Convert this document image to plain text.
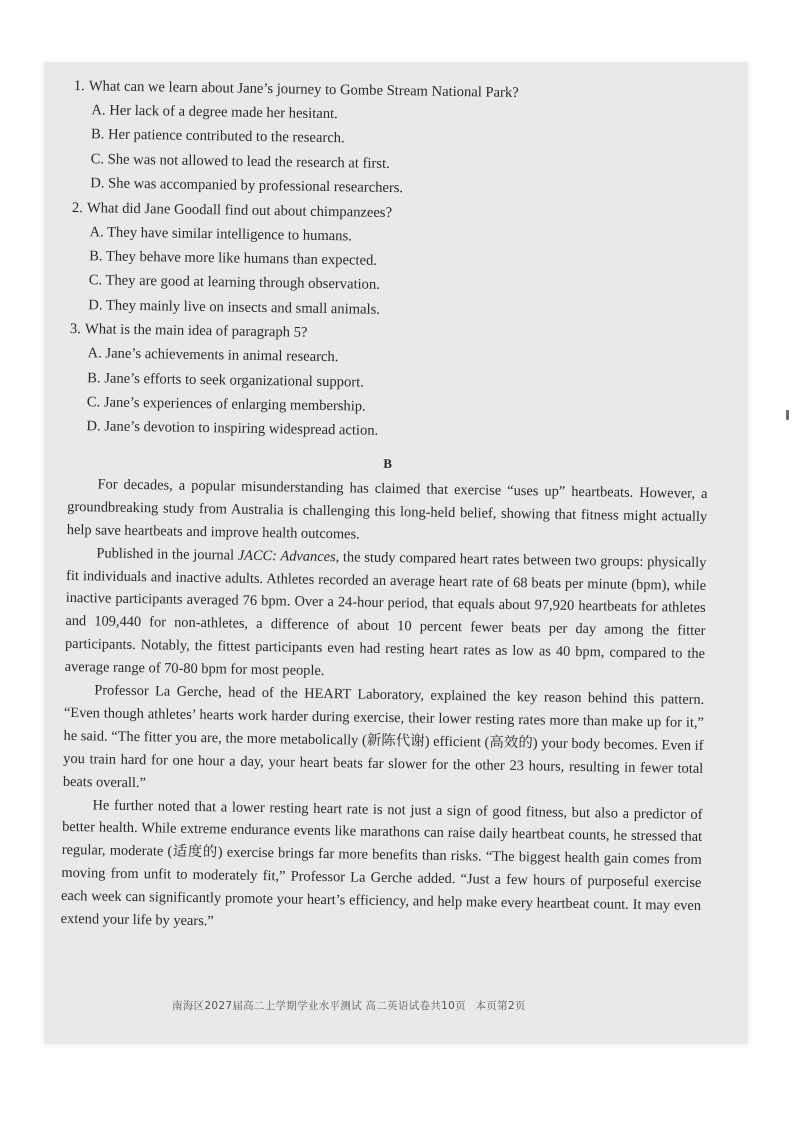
1. What can we learn about Jane’s journey to Gombe Stream National Park?

A. Her lack of a degree made her hesitant.

B. Her patience contributed to the research.

C. She was not allowed to lead the research at first.

D. She was accompanied by professional researchers.

2. What did Jane Goodall find out about chimpanzees?

A. They have similar intelligence to humans.

B. They behave more like humans than expected.

C. They are good at learning through observation.

D. They mainly live on insects and small animals.

3. What is the main idea of paragraph 5?

A. Jane’s achievements in animal research.

B. Jane’s efforts to seek organizational support.

C. Jane’s experiences of enlarging membership.

D. Jane’s devotion to inspiring widespread action.

B

For decades, a popular misunderstanding has claimed that exercise “uses up” heartbeats. However, a groundbreaking study from Australia is challenging this long-held belief, showing that fitness might actually help save heartbeats and improve health outcomes.

Published in the journal JACC: Advances, the study compared heart rates between two groups: physically fit individuals and inactive adults. Athletes recorded an average heart rate of 68 beats per minute (bpm), while inactive participants averaged 76 bpm. Over a 24-hour period, that equals about 97,920 heartbeats for athletes and 109,440 for non-athletes, a difference of about 10 percent fewer beats per day among the fitter participants. Notably, the fittest participants even had resting heart rates as low as 40 bpm, compared to the average range of 70-80 bpm for most people.

Professor La Gerche, head of the HEART Laboratory, explained the key reason behind this pattern. “Even though athletes’ hearts work harder during exercise, their lower resting rates more than make up for it,” he said. “The fitter you are, the more metabolically (新陈代谢) efficient (高效的) your body becomes. Even if you train hard for one hour a day, your heart beats far slower for the other 23 hours, resulting in fewer total beats overall.”

He further noted that a lower resting heart rate is not just a sign of good fitness, but also a predictor of better health. While extreme endurance events like marathons can raise daily heartbeat counts, he stressed that regular, moderate (适度的) exercise brings far more benefits than risks. “The biggest health gain comes from moving from unfit to moderately fit,” Professor La Gerche added. “Just a few hours of purposeful exercise each week can significantly promote your heart’s efficiency, and help make every heartbeat count. It may even extend your life by years.”

南海区2027届高二上学期学业水平测试 高二英语试卷共10页 本页第2页
